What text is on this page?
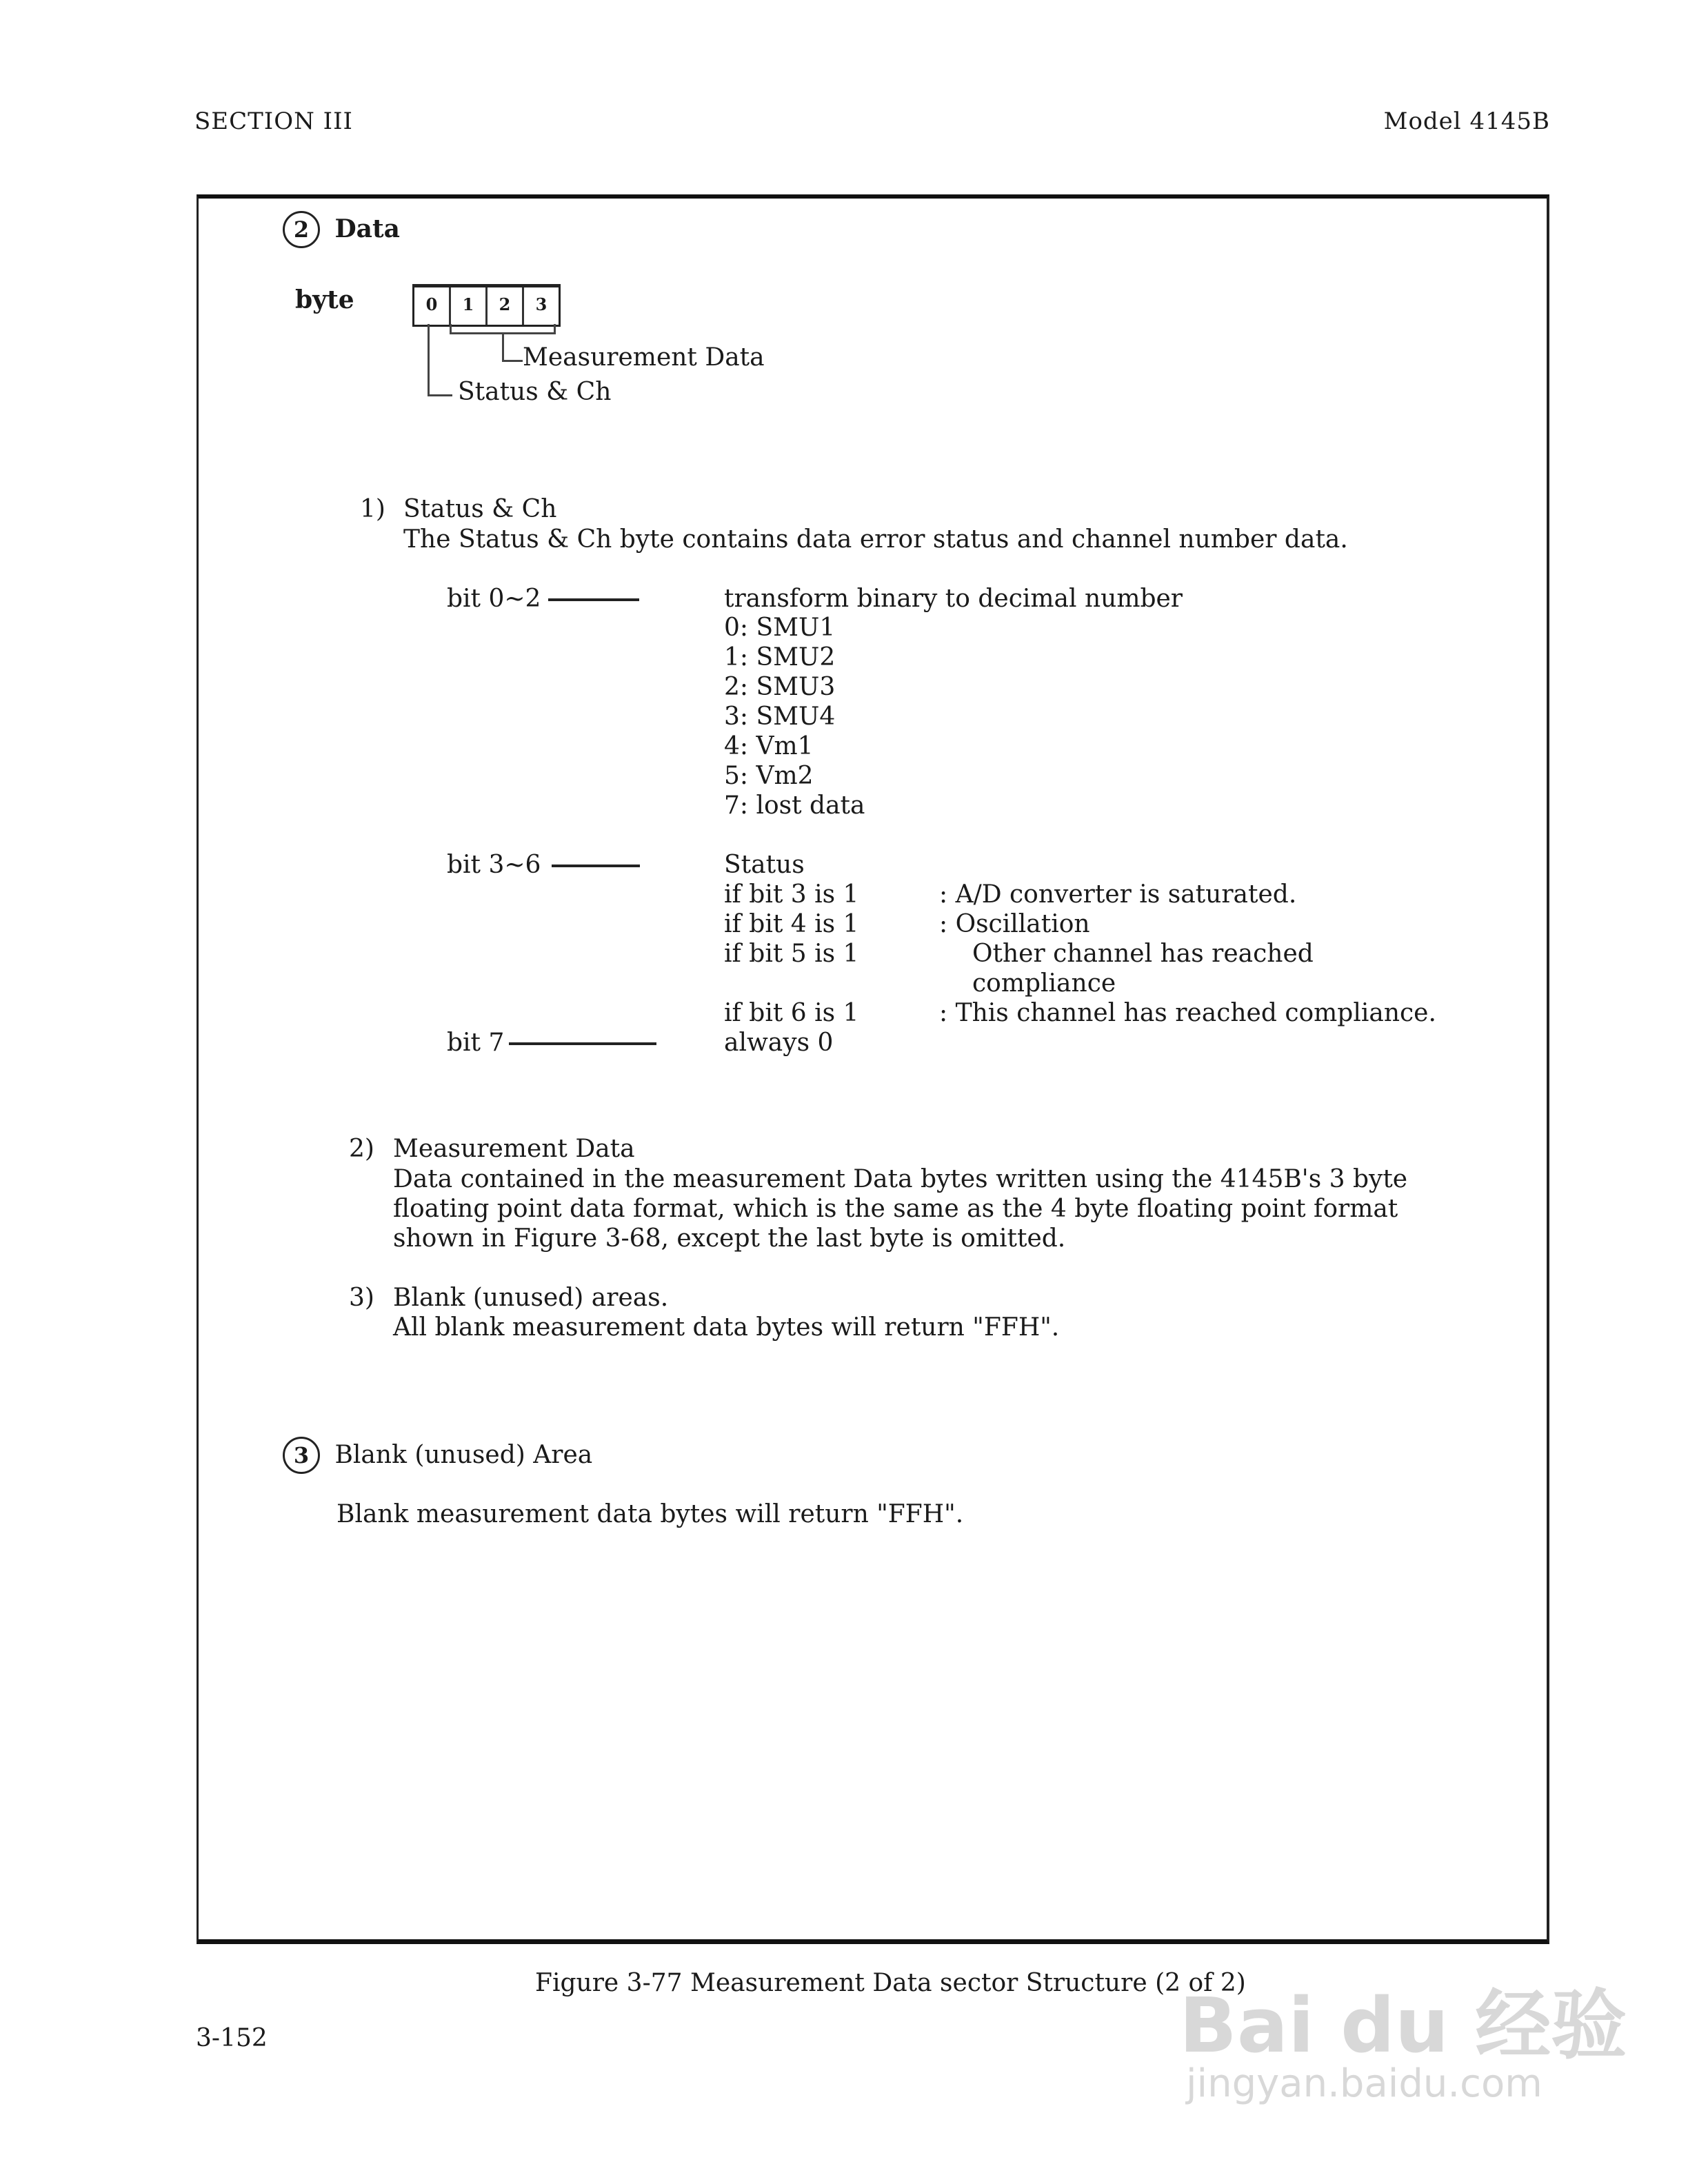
SECTION III	Model 4145B
2 Data
byte	0	1	2	3
Measurement Data
Status & Ch
1) Status & Ch
The Status & Ch byte contains data error status and channel number data.
bit 0~2	transform binary to decimal number
0: SMU1
1: SMU2
2: SMU3
3: SMU4
4: Vm1
5: Vm2
7: lost data
bit 3~6	Status
if bit 3 is 1	: A/D converter is saturated.
if bit 4 is 1	: Oscillation
if bit 5 is 1	Other channel has reached
compliance
if bit 6 is 1	: This channel has reached compliance.
bit 7	always 0
2) Measurement Data
Data contained in the measurement Data bytes written using the 4145B's 3 byte
floating point data format, which is the same as the 4 byte floating point format
shown in Figure 3-68, except the last byte is omitted.
3) Blank (unused) areas.
All blank measurement data bytes will return "FFH".
3 Blank (unused) Area
Blank measurement data bytes will return "FFH".
Figure 3-77 Measurement Data sector Structure (2 of 2)
3-152	Bai du 经验
jingyan.baidu.com
